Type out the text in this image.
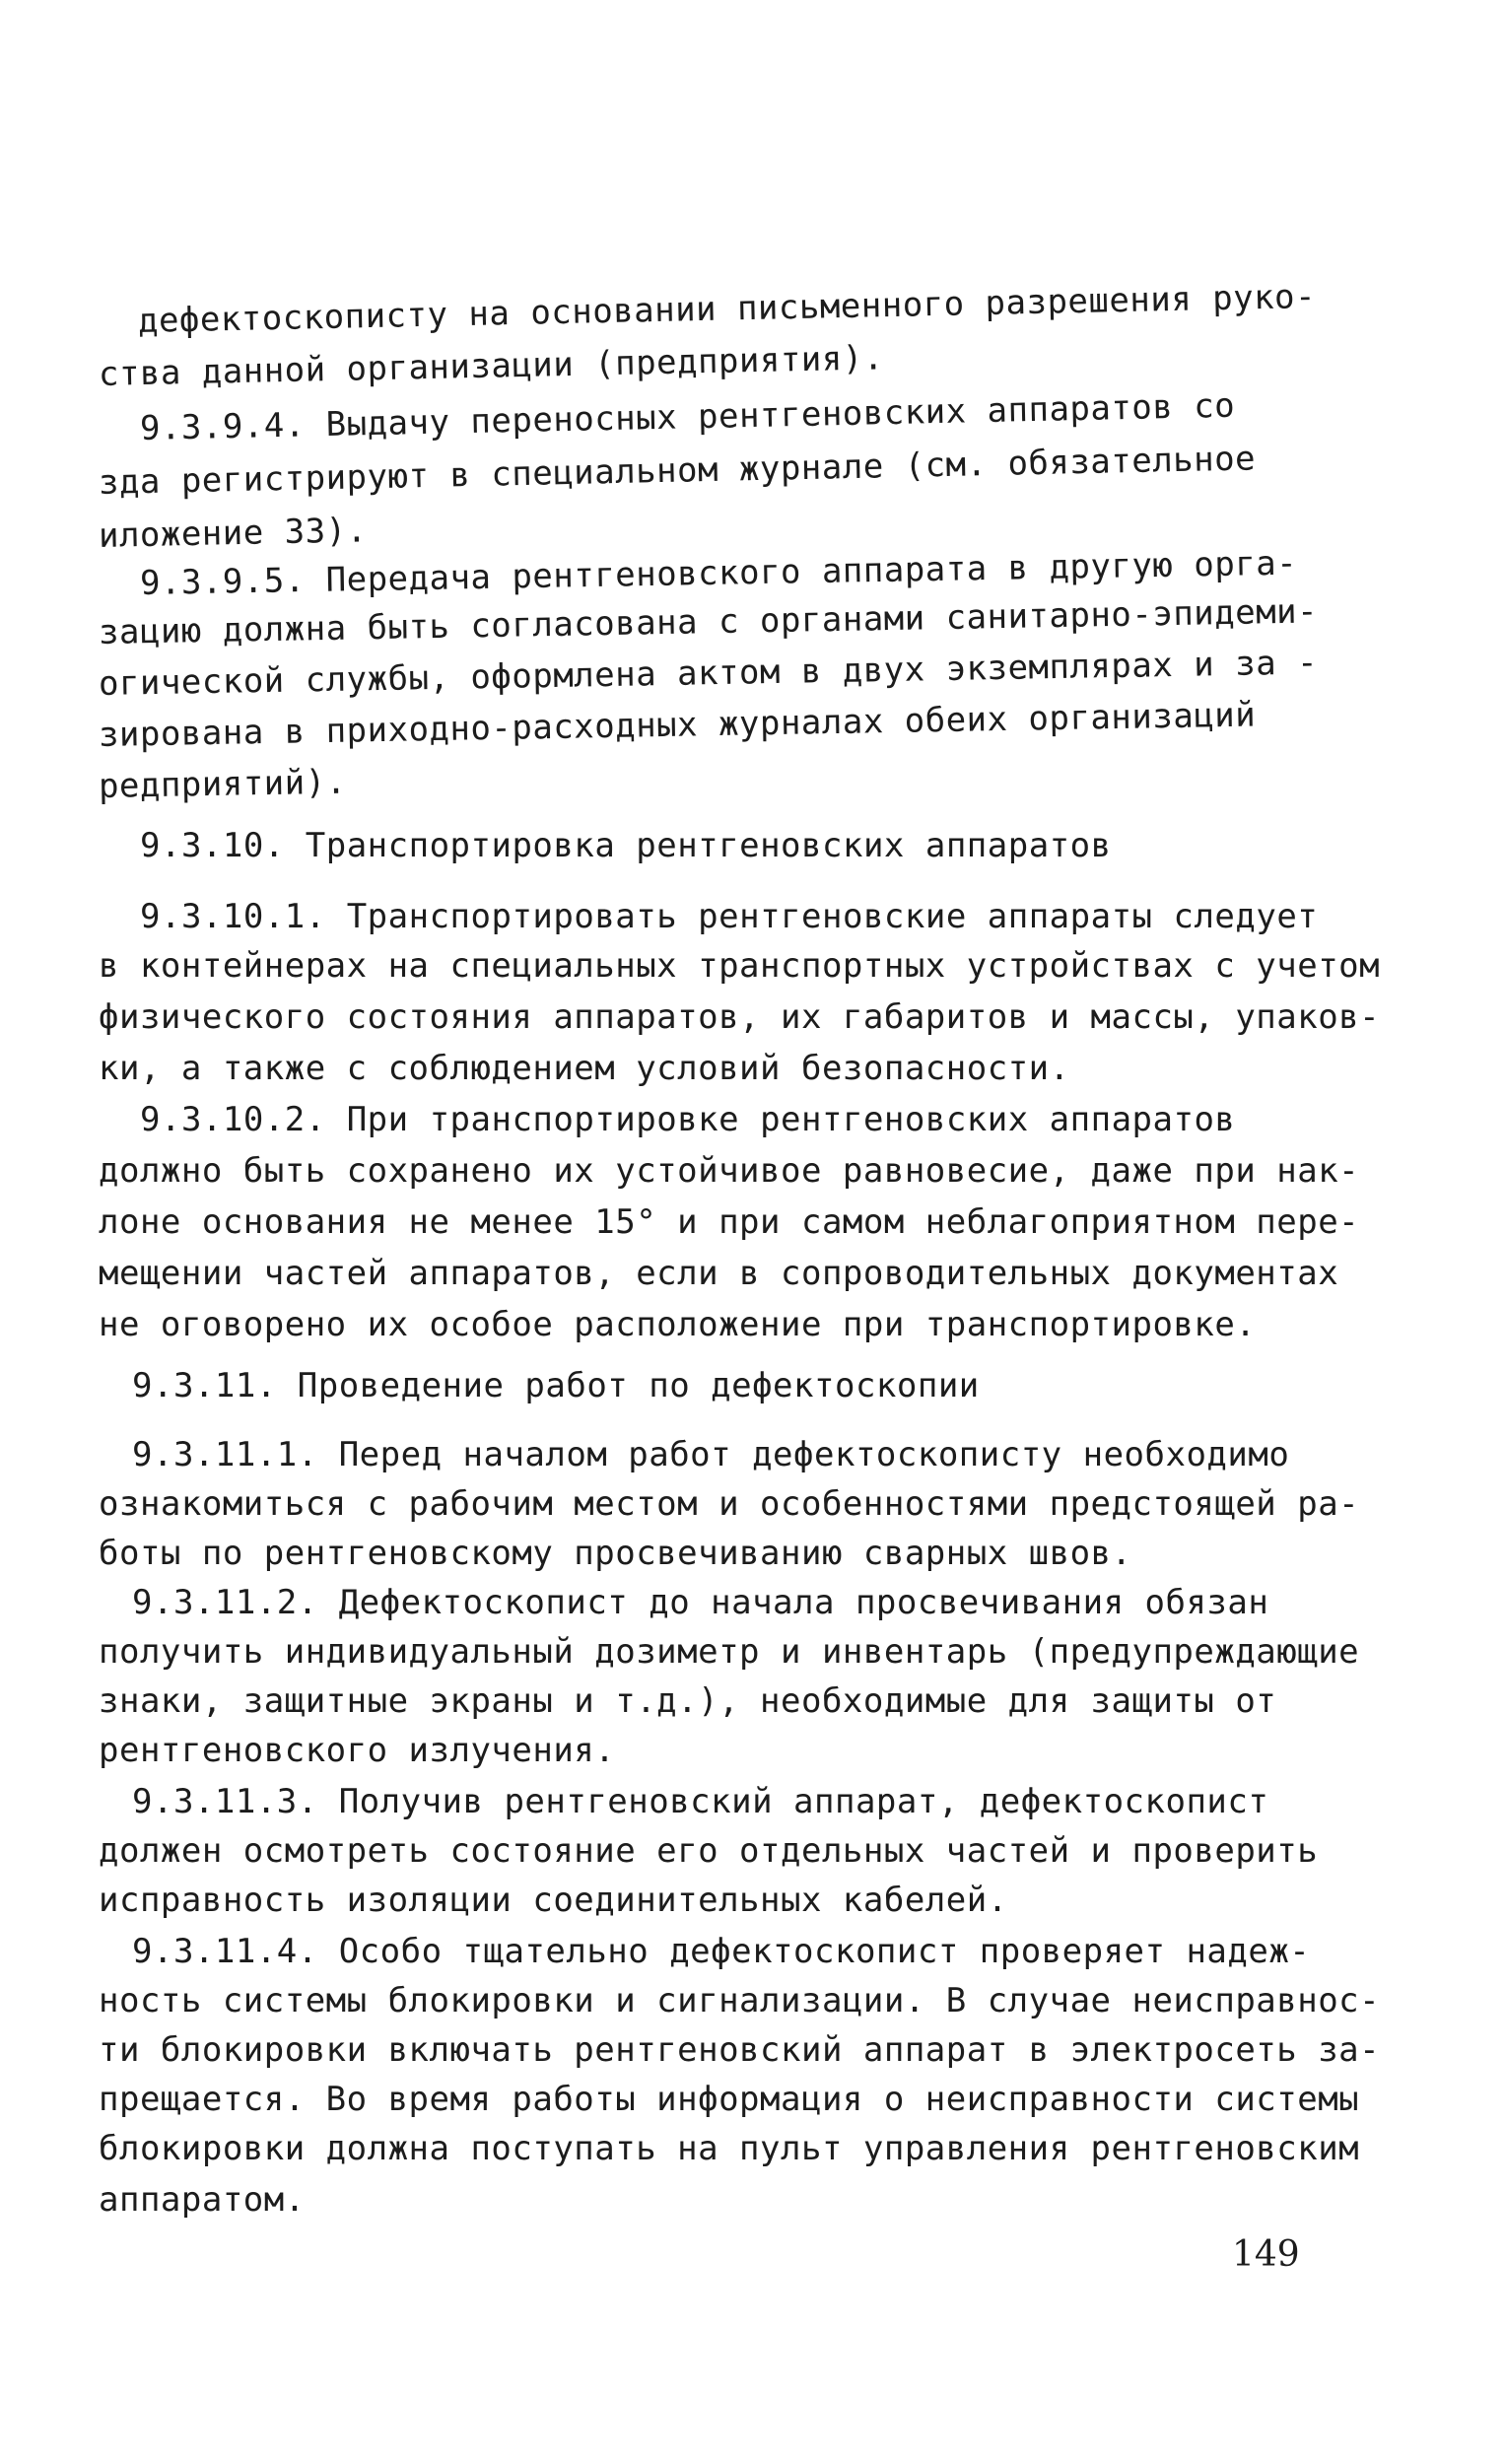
дефектоскописту на основании письменного разрешения руко-
ства данной организации (предприятия).
9.3.9.4. Выдачу переносных рентгеновских аппаратов со
зда регистрируют в специальном журнале (см. обязательное
иложение 33).
9.3.9.5. Передача рентгеновского аппарата в другую орга-
зацию должна быть согласована с органами санитарно-эпидеми-
огической службы, оформлена актом в двух экземплярах и за -
зирована в приходно-расходных журналах обеих организаций
редприятий).
9.3.10. Транспортировка рентгеновских аппаратов
9.3.10.1. Транспортировать рентгеновские аппараты следует
в контейнерах на специальных транспортных устройствах с учетом
физического состояния аппаратов, их габаритов и массы, упаков-
ки, а также с соблюдением условий безопасности.
9.3.10.2. При транспортировке рентгеновских аппаратов
должно быть сохранено их устойчивое равновесие, даже при нак-
лоне основания не менее 15° и при самом неблагоприятном пере-
мещении частей аппаратов, если в сопроводительных документах
не оговорено их особое расположение при транспортировке.
9.3.11. Проведение работ по дефектоскопии
9.3.11.1. Перед началом работ дефектоскописту необходимо
ознакомиться с рабочим местом и особенностями предстоящей ра-
боты по рентгеновскому просвечиванию сварных швов.
9.3.11.2. Дефектоскопист до начала просвечивания обязан
получить индивидуальный дозиметр и инвентарь (предупреждающие
знаки, защитные экраны и т.д.), необходимые для защиты от
рентгеновского излучения.
9.3.11.3. Получив рентгеновский аппарат, дефектоскопист
должен осмотреть состояние его отдельных частей и проверить
исправность изоляции соединительных кабелей.
9.3.11.4. Особо тщательно дефектоскопист проверяет надеж-
ность системы блокировки и сигнализации. В случае неисправнос-
ти блокировки включать рентгеновский аппарат в электросеть за-
прещается. Во время работы информация о неисправности системы
блокировки должна поступать на пульт управления рентгеновским
аппаратом.
149
